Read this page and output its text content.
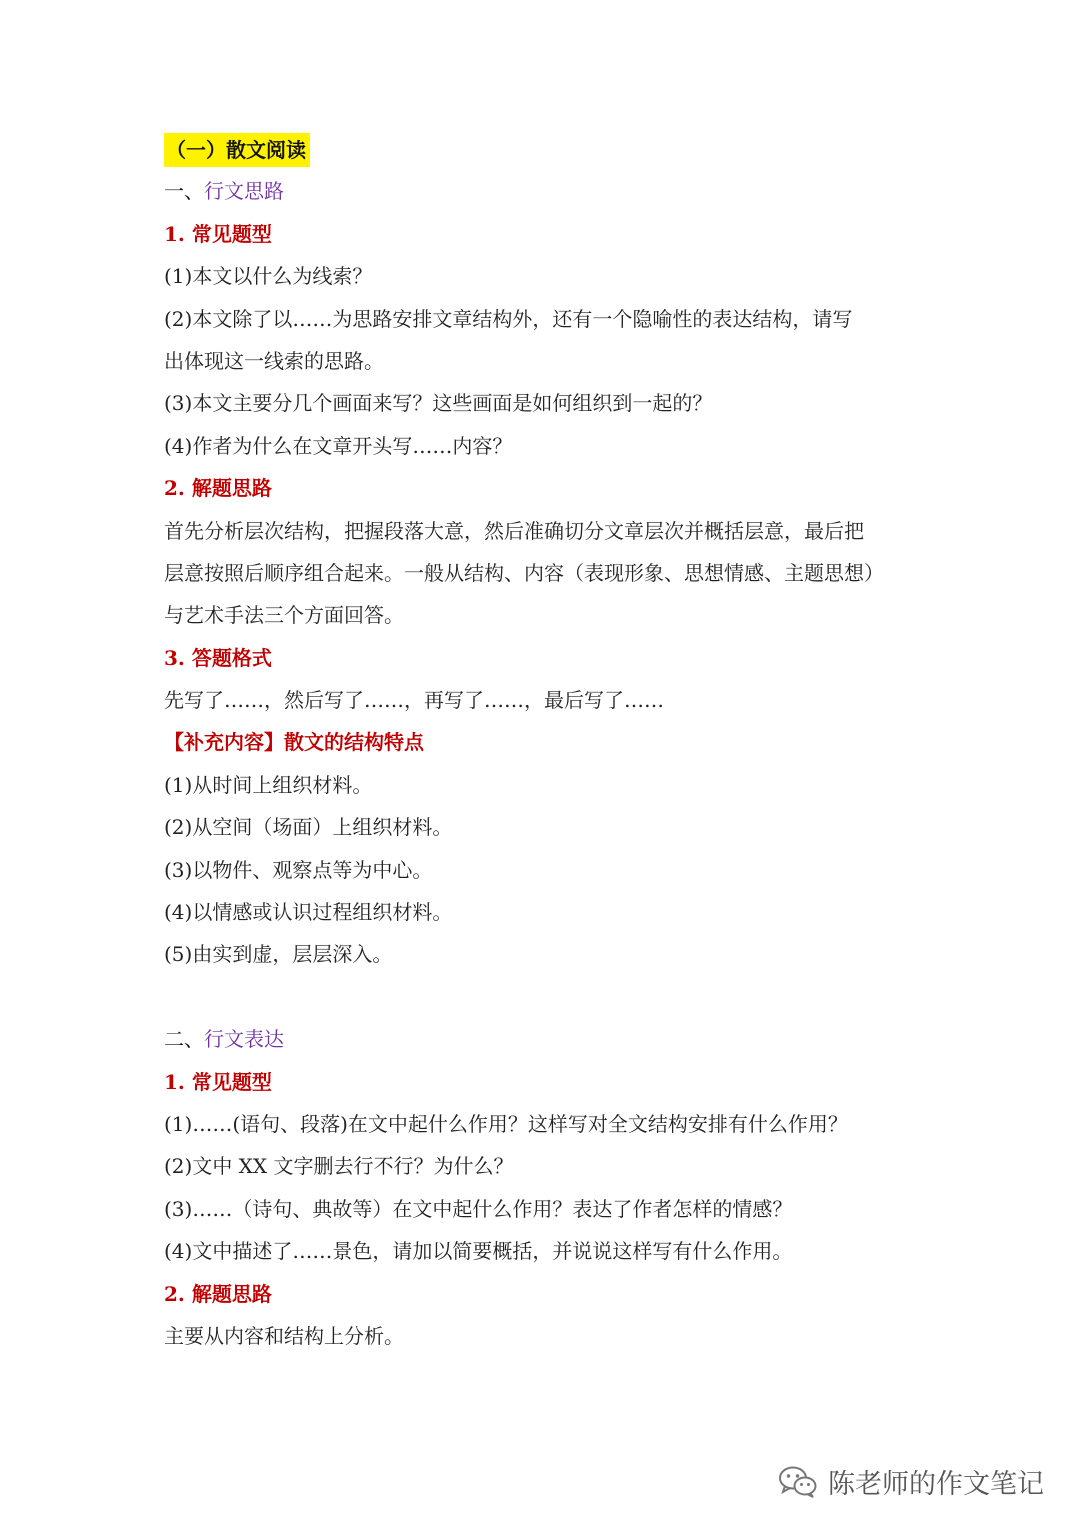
（一）散文阅读
一、行文思路
1. 常见题型
(1)本文以什么为线索？
(2)本文除了以……为思路安排文章结构外，还有一个隐喻性的表达结构，请写
出体现这一线索的思路。
(3)本文主要分几个画面来写？这些画面是如何组织到一起的？
(4)作者为什么在文章开头写……内容？
2. 解题思路
首先分析层次结构，把握段落大意，然后准确切分文章层次并概括层意，最后把
层意按照后顺序组合起来。一般从结构、内容（表现形象、思想情感、主题思想）
与艺术手法三个方面回答。
3. 答题格式
先写了……，然后写了……，再写了……，最后写了……
【补充内容】散文的结构特点
(1)从时间上组织材料。
(2)从空间（场面）上组织材料。
(3)以物件、观察点等为中心。
(4)以情感或认识过程组织材料。
(5)由实到虚，层层深入。
二、行文表达
1. 常见题型
(1)……(语句、段落)在文中起什么作用？这样写对全文结构安排有什么作用？
(2)文中 XX 文字删去行不行？为什么？
(3)……（诗句、典故等）在文中起什么作用？表达了作者怎样的情感？
(4)文中描述了……景色，请加以简要概括，并说说这样写有什么作用。
2. 解题思路
主要从内容和结构上分析。
陈老师的作文笔记
